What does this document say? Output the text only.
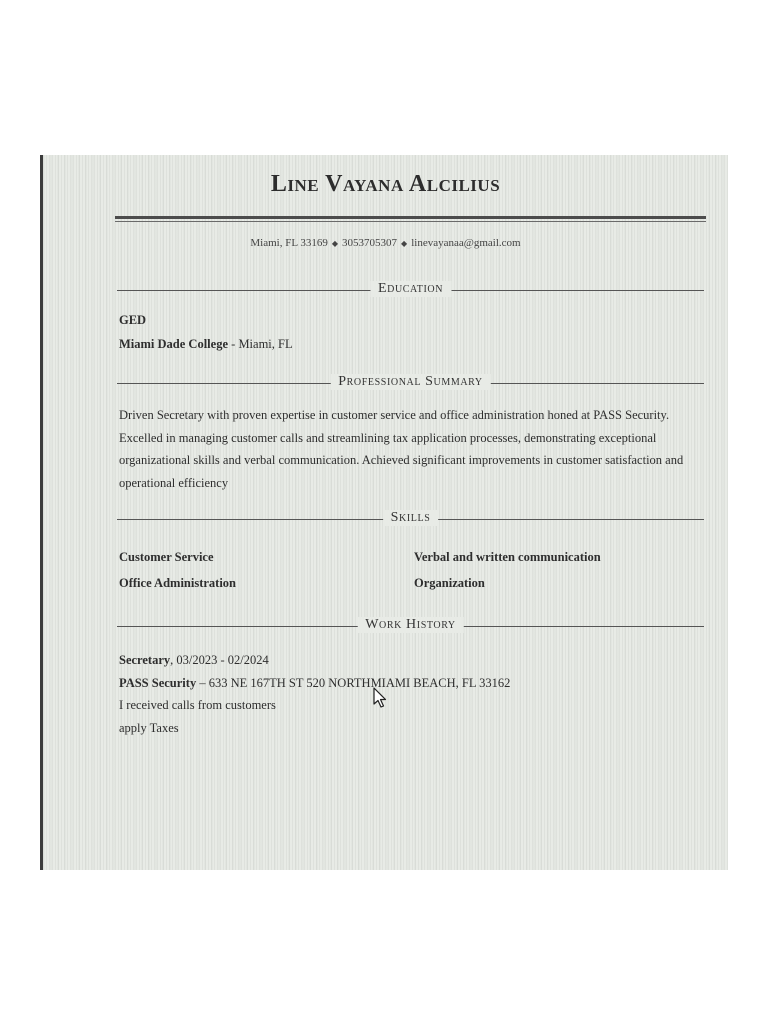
Line Vayana Alcilius
Miami, FL 33169 ◆ 3053705307 ◆ linevayanaa@gmail.com
Education
GED
Miami Dade College - Miami, FL
Professional Summary
Driven Secretary with proven expertise in customer service and office administration honed at PASS Security. Excelled in managing customer calls and streamlining tax application processes, demonstrating exceptional organizational skills and verbal communication. Achieved significant improvements in customer satisfaction and operational efficiency
Skills
Customer Service	Verbal and written communication
Office Administration	Organization
Work History
Secretary, 03/2023 - 02/2024
PASS Security – 633 NE 167TH ST 520 NORTHMIAMI BEACH, FL 33162
I received calls from customers
apply Taxes
